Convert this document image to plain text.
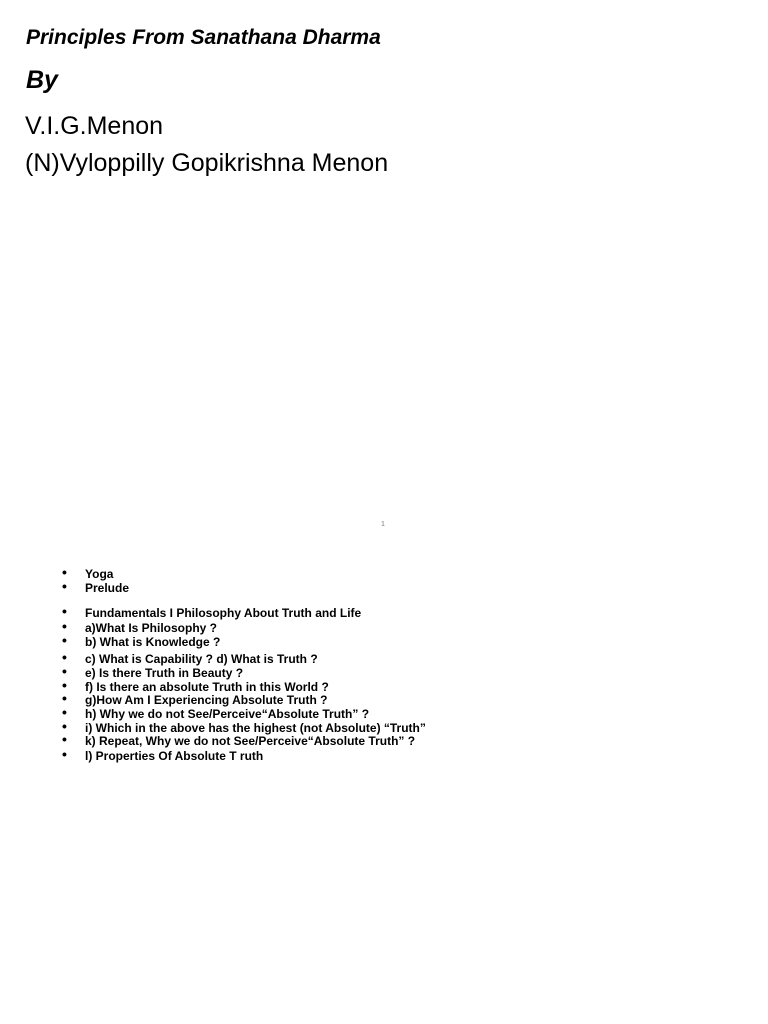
Principles From Sanathana Dharma
By
V.I.G.Menon
(N)Vyloppilly Gopikrishna Menon
1
• Yoga
• Prelude
• Fundamentals I Philosophy About Truth and Life
• a)What Is Philosophy ?
• b) What is Knowledge ?
• c) What is Capability ? d) What is Truth ?
• e) Is there Truth in Beauty ?
• f) Is there an absolute Truth in this World ?
• g)How Am I Experiencing Absolute Truth ?
• h) Why we do not See/Perceive“Absolute Truth” ?
• i) Which in the above has the highest (not Absolute) “Truth”
• k) Repeat, Why we do not See/Perceive“Absolute Truth” ?
• l) Properties Of Absolute T ruth
